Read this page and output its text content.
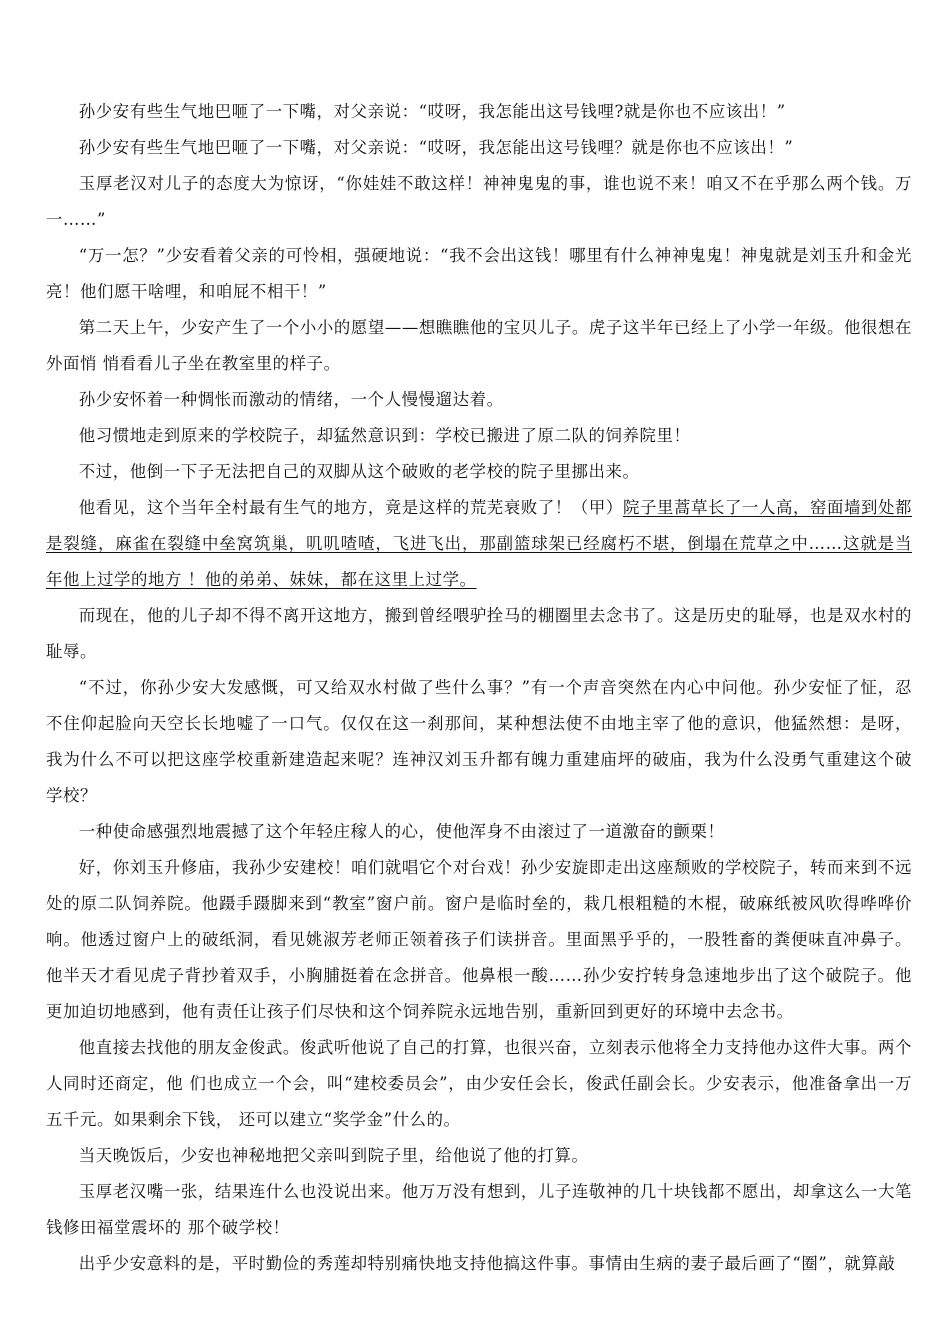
孙少安有些生气地巴咂了一下嘴，对父亲说：“哎呀，我怎能出这号钱哩?就是你也不应该出！”

孙少安有些生气地巴咂了一下嘴，对父亲说：“哎呀，我怎能出这号钱哩？就是你也不应该出！”

玉厚老汉对儿子的态度大为惊讶，“你娃娃不敢这样！神神鬼鬼的事，谁也说不来！咱又不在乎那么两个钱。万一……”

“万一怎？”少安看着父亲的可怜相，强硬地说：“我不会出这钱！哪里有什么神神鬼鬼！神鬼就是刘玉升和金光 亮！他们愿干啥哩，和咱屁不相干！”

第二天上午，少安产生了一个小小的愿望——想瞧瞧他的宝贝儿子。虎子这半年已经上了小学一年级。他很想在外面悄 悄看看儿子坐在教室里的样子。

孙少安怀着一种惆怅而激动的情绪，一个人慢慢遛达着。

他习惯地走到原来的学校院子，却猛然意识到：学校已搬进了原二队的饲养院里！

不过，他倒一下子无法把自己的双脚从这个破败的老学校的院子里挪出来。

他看见，这个当年全村最有生气的地方，竟是这样的荒芜衰败了！（甲）院子里蒿草长了一人高，窑面墙到处都是裂缝，麻雀在裂缝中垒窝筑巢，叽叽喳喳，飞进飞出，那副篮球架已经腐朽不堪，倒塌在荒草之中……这就是当年他上过学的地方 ！他的弟弟、妹妹，都在这里上过学。

而现在，他的儿子却不得不离开这地方，搬到曾经喂驴拴马的棚圈里去念书了。这是历史的耻辱，也是双水村的耻辱。

“不过，你孙少安大发感慨，可又给双水村做了些什么事？”有一个声音突然在内心中问他。孙少安怔了怔，忍不住仰起脸向天空长长地嘘了一口气。仅仅在这一刹那间，某种想法使不由地主宰了他的意识，他猛然想：是呀，我为什么不可以把这座学校重新建造起来呢？连神汉刘玉升都有魄力重建庙坪的破庙，我为什么没勇气重建这个破学校？

一种使命感强烈地震撼了这个年轻庄稼人的心，使他浑身不由滚过了一道激奋的颤栗！

好，你刘玉升修庙，我孙少安建校！咱们就唱它个对台戏！孙少安旋即走出这座颓败的学校院子，转而来到不远处的原二队饲养院。他蹑手蹑脚来到“教室”窗户前。窗户是临时垒的，栽几根粗糙的木棍，破麻纸被风吹得哗哗价响。他透过窗户上的破纸洞，看见姚淑芳老师正领着孩子们读拼音。里面黑乎乎的，一股牲畜的粪便味直冲鼻子。他半天才看见虎子背抄着双手，小胸脯挺着在念拼音。他鼻根一酸……孙少安拧转身急速地步出了这个破院子。他更加迫切地感到，他有责任让孩子们尽快和这个饲养院永远地告别，重新回到更好的环境中去念书。

他直接去找他的朋友金俊武。俊武听他说了自己的打算，也很兴奋，立刻表示他将全力支持他办这件大事。两个人同时还商定，他 们也成立一个会，叫“建校委员会”，由少安任会长，俊武任副会长。少安表示，他准备拿出一万五千元。如果剩余下钱， 还可以建立“奖学金”什么的。

当天晚饭后，少安也神秘地把父亲叫到院子里，给他说了他的打算。

玉厚老汉嘴一张，结果连什么也没说出来。他万万没有想到，儿子连敬神的几十块钱都不愿出，却拿这么一大笔钱修田福堂震坏的 那个破学校！

出乎少安意料的是，平时勤俭的秀莲却特别痛快地支持他搞这件事。事情由生病的妻子最后画了“圈”，就算敲
